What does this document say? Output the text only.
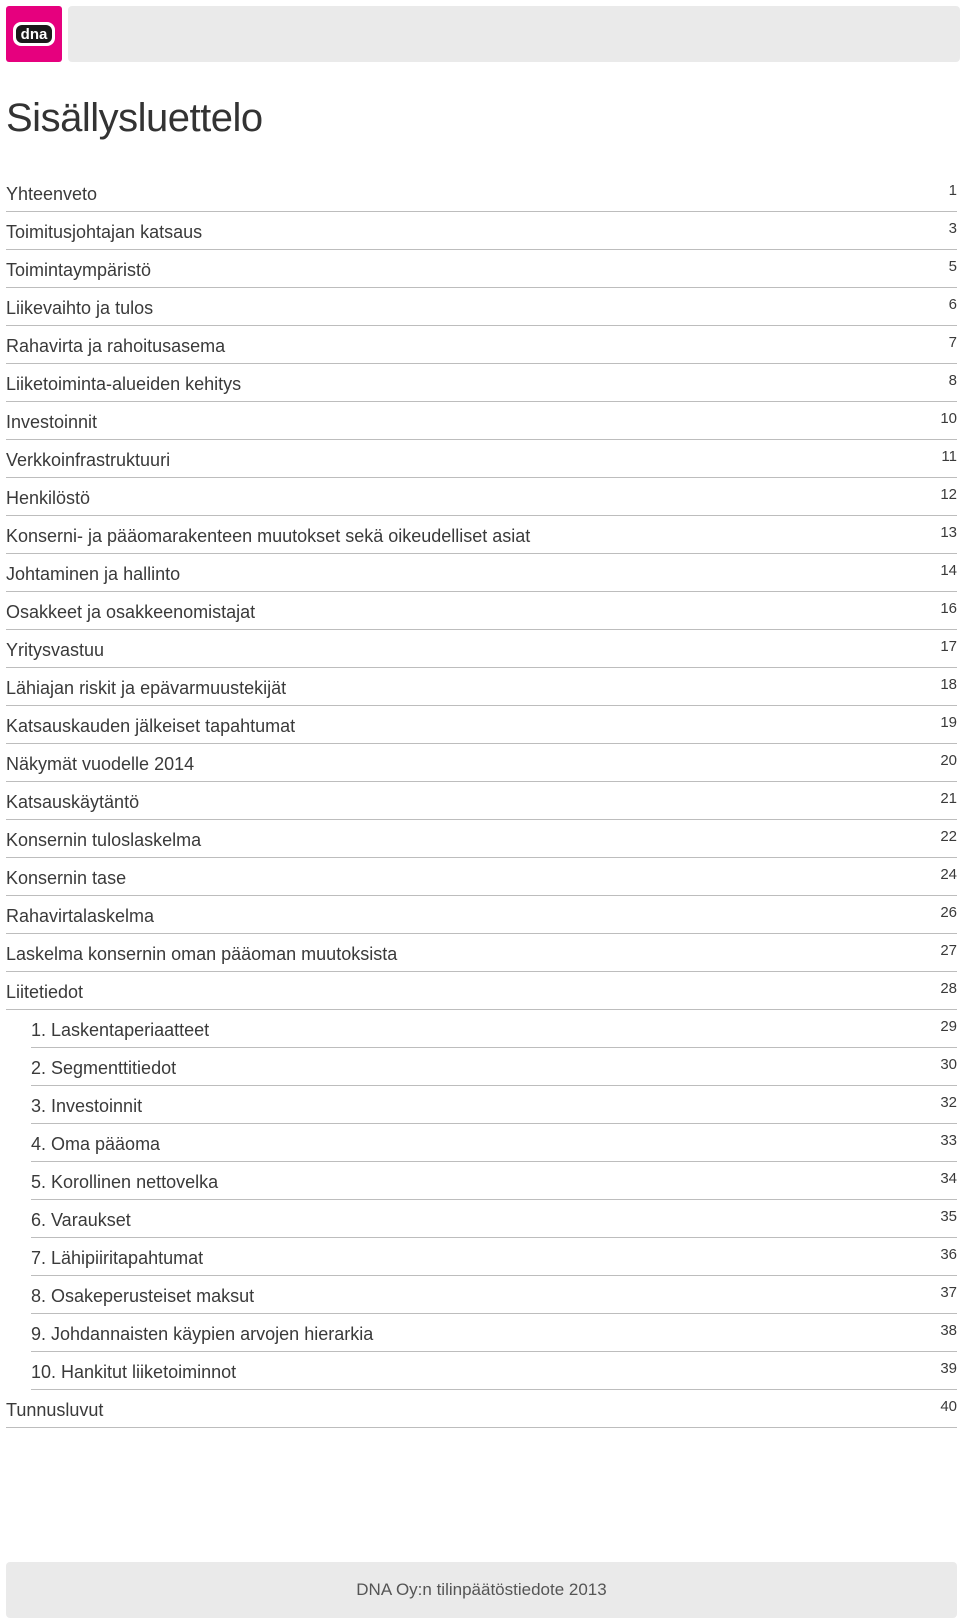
dna
Sisällysluettelo
Yhteenveto	1
Toimitusjohtajan katsaus	3
Toimintaympäristö	5
Liikevaihto ja tulos	6
Rahavirta ja rahoitusasema	7
Liiketoiminta-alueiden kehitys	8
Investoinnit	10
Verkkoinfrastruktuuri	11
Henkilöstö	12
Konserni- ja pääomarakenteen muutokset sekä oikeudelliset asiat	13
Johtaminen ja hallinto	14
Osakkeet ja osakkeenomistajat	16
Yritysvastuu	17
Lähiajan riskit ja epävarmuustekijät	18
Katsauskauden jälkeiset tapahtumat	19
Näkymät vuodelle 2014	20
Katsauskäytäntö	21
Konsernin tuloslaskelma	22
Konsernin tase	24
Rahavirtalaskelma	26
Laskelma konsernin oman pääoman muutoksista	27
Liitetiedot	28
1. Laskentaperiaatteet	29
2. Segmenttitiedot	30
3. Investoinnit	32
4. Oma pääoma	33
5. Korollinen nettovelka	34
6. Varaukset	35
7. Lähipiiritapahtumat	36
8. Osakeperusteiset maksut	37
9. Johdannaisten käypien arvojen hierarkia	38
10. Hankitut liiketoiminnot	39
Tunnusluvut	40
DNA Oy:n tilinpäätöstiedote 2013
